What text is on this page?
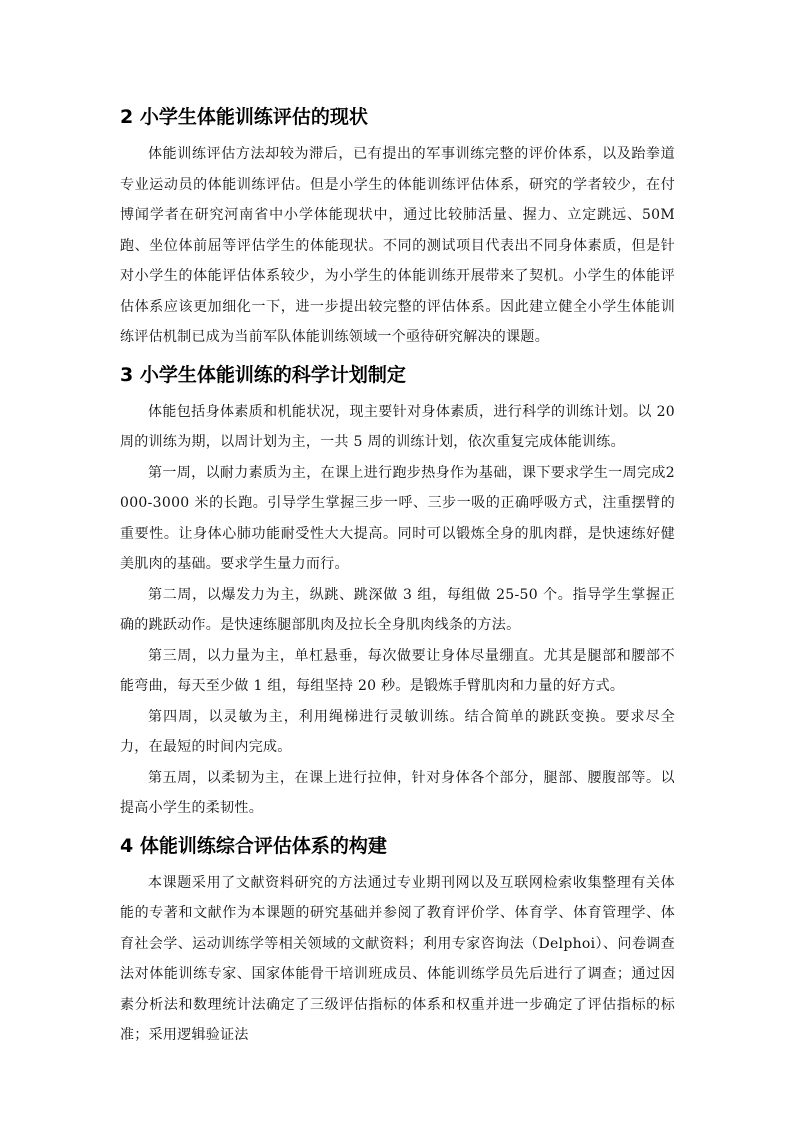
2 小学生体能训练评估的现状

体能训练评估方法却较为滞后，已有提出的军事训练完整的评价体系，以及跆拳道专业运动员的体能训练评估。但是小学生的体能训练评估体系，研究的学者较少，在付博闻学者在研究河南省中小学体能现状中，通过比较肺活量、握力、立定跳远、50M跑、坐位体前屈等评估学生的体能现状。不同的测试项目代表出不同身体素质，但是针对小学生的体能评估体系较少，为小学生的体能训练开展带来了契机。小学生的体能评估体系应该更加细化一下，进一步提出较完整的评估体系。因此建立健全小学生体能训练评估机制已成为当前军队体能训练领域一个亟待研究解决的课题。

3 小学生体能训练的科学计划制定

体能包括身体素质和机能状况，现主要针对身体素质，进行科学的训练计划。以 20 周的训练为期，以周计划为主，一共 5 周的训练计划，依次重复完成体能训练。

第一周，以耐力素质为主，在课上进行跑步热身作为基础，课下要求学生一周完成2000-3000 米的长跑。引导学生掌握三步一呼、三步一吸的正确呼吸方式，注重摆臂的重要性。让身体心肺功能耐受性大大提高。同时可以锻炼全身的肌肉群，是快速练好健美肌肉的基础。要求学生量力而行。

第二周，以爆发力为主，纵跳、跳深做 3 组，每组做 25-50 个。指导学生掌握正确的跳跃动作。是快速练腿部肌肉及拉长全身肌肉线条的方法。

第三周，以力量为主，单杠悬垂，每次做要让身体尽量绷直。尤其是腿部和腰部不能弯曲，每天至少做 1 组，每组坚持 20 秒。是锻炼手臂肌肉和力量的好方式。

第四周，以灵敏为主，利用绳梯进行灵敏训练。结合简单的跳跃变换。要求尽全力，在最短的时间内完成。

第五周，以柔韧为主，在课上进行拉伸，针对身体各个部分，腿部、腰腹部等。以提高小学生的柔韧性。

4 体能训练综合评估体系的构建

本课题采用了文献资料研究的方法通过专业期刊网以及互联网检索收集整理有关体能的专著和文献作为本课题的研究基础并参阅了教育评价学、体育学、体育管理学、体育社会学、运动训练学等相关领域的文献资料；利用专家咨询法（Delphoi）、问卷调查法对体能训练专家、国家体能骨干培训班成员、体能训练学员先后进行了调查；通过因素分析法和数理统计法确定了三级评估指标的体系和权重并进一步确定了评估指标的标准；采用逻辑验证法
